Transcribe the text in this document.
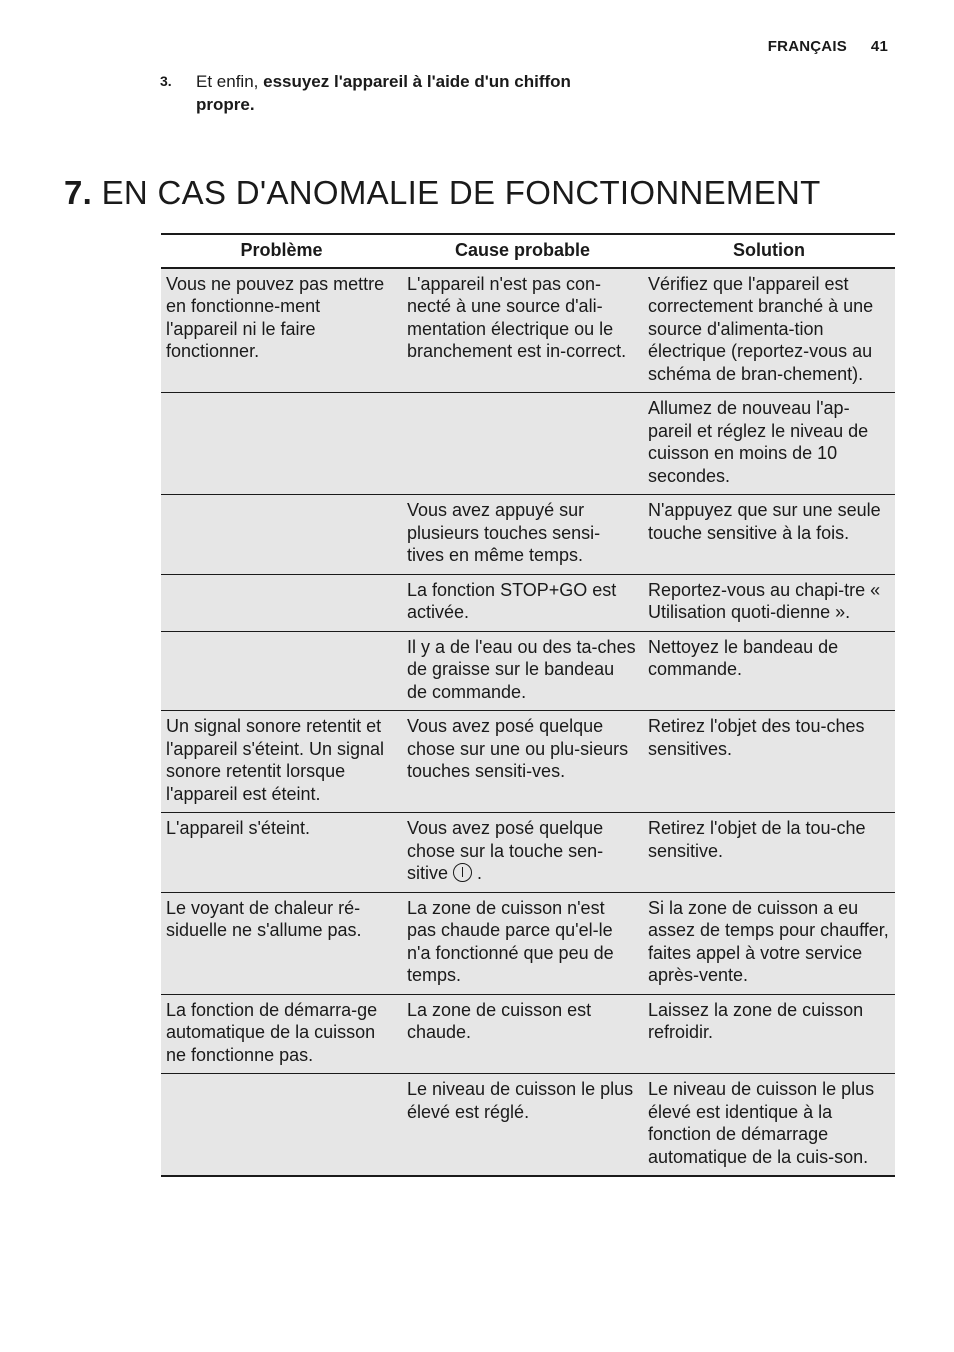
FRANÇAIS 41
3. Et enfin, essuyez l'appareil à l'aide d'un chiffon propre.
7. EN CAS D'ANOMALIE DE FONCTIONNEMENT
Problème	Cause probable	Solution
Vous ne pouvez pas mettre en fonctionne-ment l'appareil ni le faire fonctionner.	L'appareil n'est pas con-necté à une source d'ali-mentation électrique ou le branchement est in-correct.	Vérifiez que l'appareil est correctement branché à une source d'alimenta-tion électrique (reportez-vous au schéma de bran-chement).
		Allumez de nouveau l'ap-pareil et réglez le niveau de cuisson en moins de 10 secondes.
	Vous avez appuyé sur plusieurs touches sensi-tives en même temps.	N'appuyez que sur une seule touche sensitive à la fois.
	La fonction STOP+GO est activée.	Reportez-vous au chapi-tre « Utilisation quoti-dienne ».
	Il y a de l'eau ou des ta-ches de graisse sur le bandeau de commande.	Nettoyez le bandeau de commande.
Un signal sonore retentit et l'appareil s'éteint. Un signal sonore retentit lorsque l'appareil est éteint.	Vous avez posé quelque chose sur une ou plu-sieurs touches sensiti-ves.	Retirez l'objet des tou-ches sensitives.
L'appareil s'éteint.	Vous avez posé quelque chose sur la touche sen-sitive  .	Retirez l'objet de la tou-che sensitive.
Le voyant de chaleur ré-siduelle ne s'allume pas.	La zone de cuisson n'est pas chaude parce qu'el-le n'a fonctionné que peu de temps.	Si la zone de cuisson a eu assez de temps pour chauffer, faites appel à votre service après-vente.
La fonction de démarra-ge automatique de la cuisson ne fonctionne pas.	La zone de cuisson est chaude.	Laissez la zone de cuisson refroidir.
	Le niveau de cuisson le plus élevé est réglé.	Le niveau de cuisson le plus élevé est identique à la fonction de démarrage automatique de la cuis-son.
